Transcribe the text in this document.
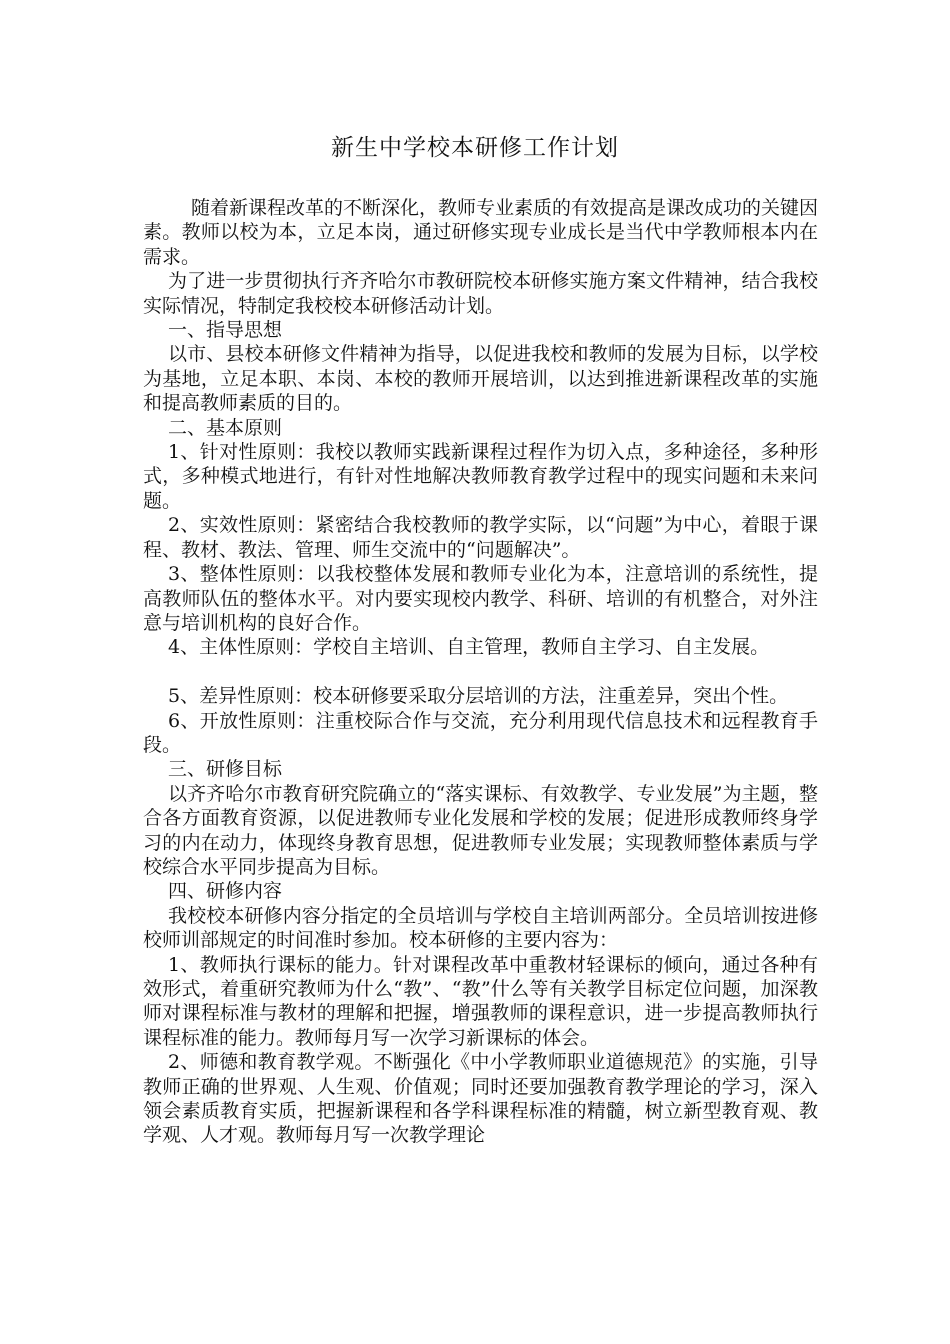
新生中学校本研修工作计划

随着新课程改革的不断深化，教师专业素质的有效提高是课改成功的关键因素。教师以校为本，立足本岗，通过研修实现专业成长是当代中学教师根本内在需求。

为了进一步贯彻执行齐齐哈尔市教研院校本研修实施方案文件精神，结合我校实际情况，特制定我校校本研修活动计划。

一、指导思想

以市、县校本研修文件精神为指导，以促进我校和教师的发展为目标，以学校为基地，立足本职、本岗、本校的教师开展培训，以达到推进新课程改革的实施和提高教师素质的目的。

二、基本原则

1、针对性原则：我校以教师实践新课程过程作为切入点，多种途径，多种形式，多种模式地进行，有针对性地解决教师教育教学过程中的现实问题和未来问题。

2、实效性原则：紧密结合我校教师的教学实际，以“问题”为中心，着眼于课程、教材、教法、管理、师生交流中的“问题解决”。

3、整体性原则：以我校整体发展和教师专业化为本，注意培训的系统性，提高教师队伍的整体水平。对内要实现校内教学、科研、培训的有机整合，对外注意与培训机构的良好合作。

4、主体性原则：学校自主培训、自主管理，教师自主学习、自主发展。

5、差异性原则：校本研修要采取分层培训的方法，注重差异，突出个性。

6、开放性原则：注重校际合作与交流，充分利用现代信息技术和远程教育手段。

三、研修目标

以齐齐哈尔市教育研究院确立的“落实课标、有效教学、专业发展”为主题，整合各方面教育资源，以促进教师专业化发展和学校的发展；促进形成教师终身学习的内在动力，体现终身教育思想，促进教师专业发展；实现教师整体素质与学校综合水平同步提高为目标。

四、研修内容

我校校本研修内容分指定的全员培训与学校自主培训两部分。全员培训按进修校师训部规定的时间准时参加。校本研修的主要内容为：

1、教师执行课标的能力。针对课程改革中重教材轻课标的倾向，通过各种有效形式，着重研究教师为什么“教”、“教”什么等有关教学目标定位问题，加深教师对课程标准与教材的理解和把握，增强教师的课程意识，进一步提高教师执行课程标准的能力。教师每月写一次学习新课标的体会。

2、师德和教育教学观。不断强化《中小学教师职业道德规范》的实施，引导教师正确的世界观、人生观、价值观；同时还要加强教育教学理论的学习，深入领会素质教育实质，把握新课程和各学科课程标准的精髓，树立新型教育观、教学观、人才观。教师每月写一次教学理论
